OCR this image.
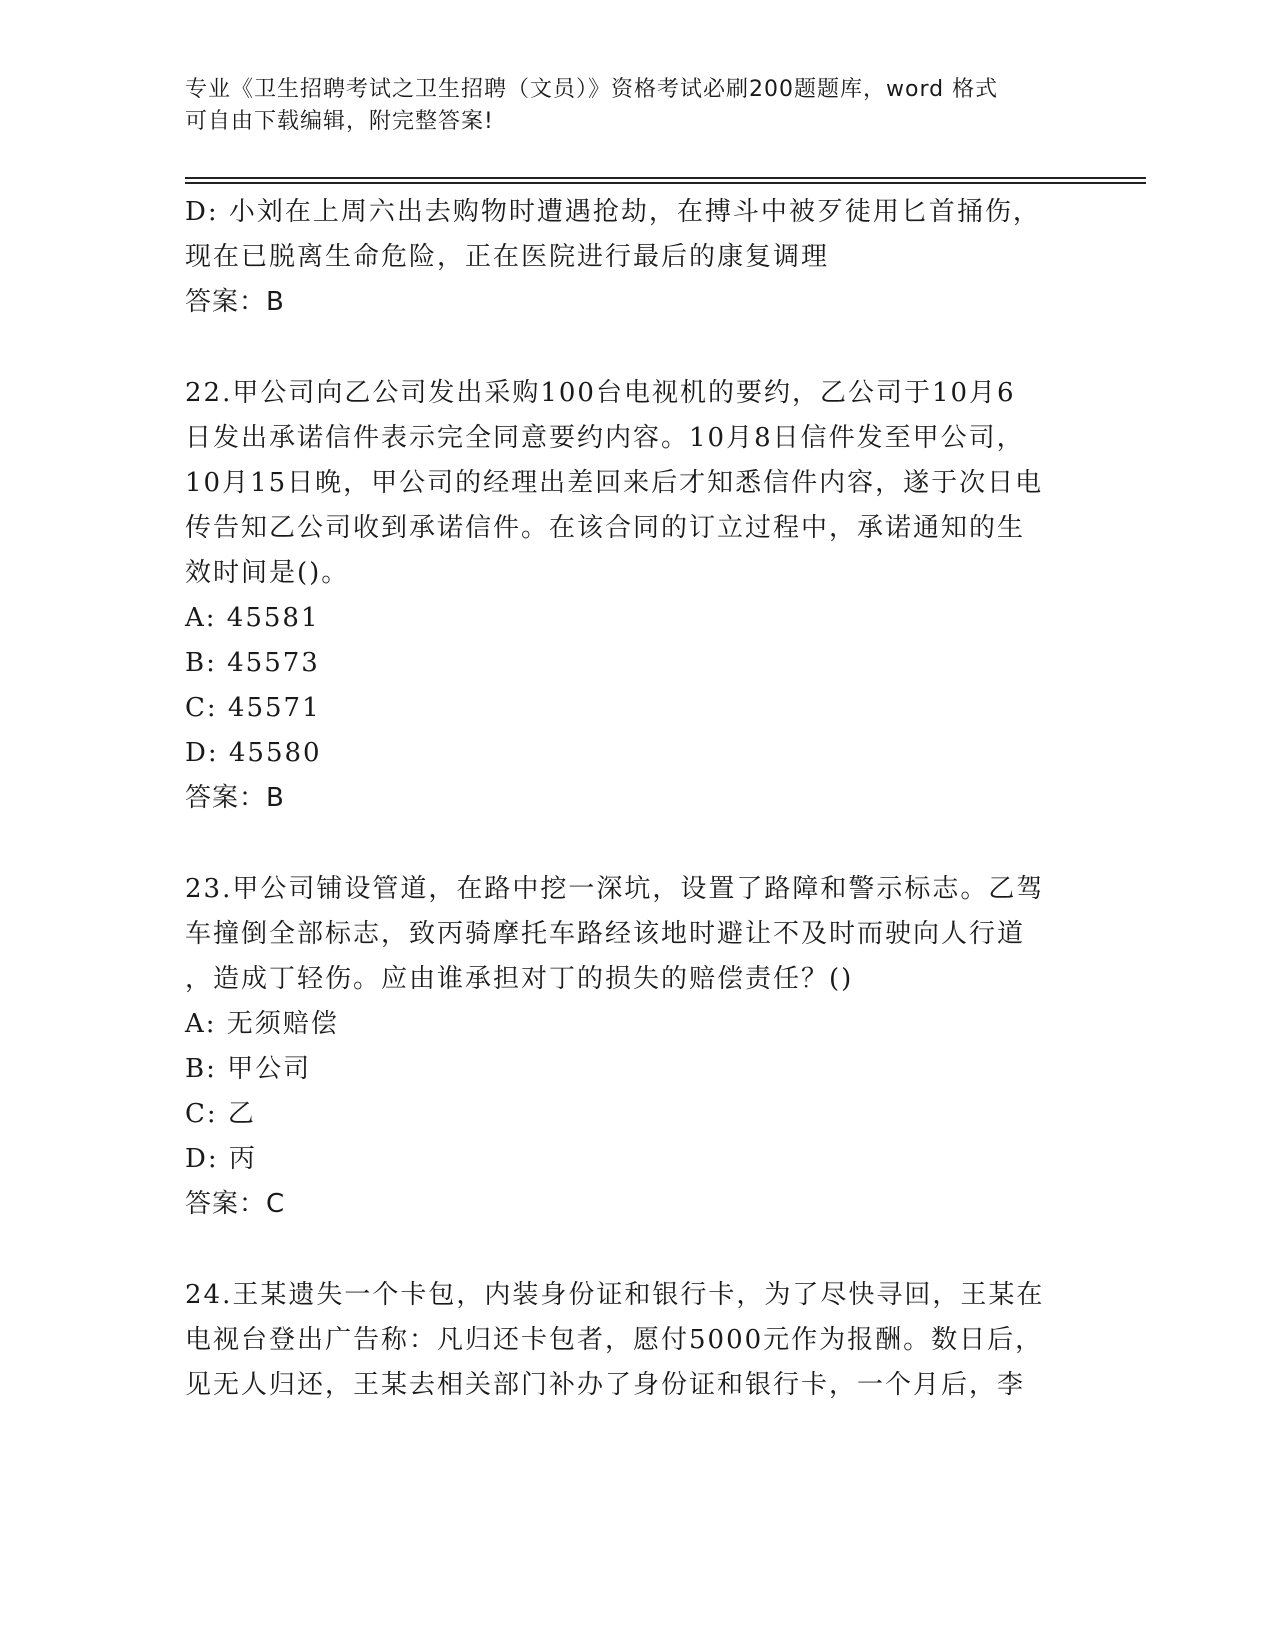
专业《卫生招聘考试之卫生招聘（文员）》资格考试必刷200题题库，word 格式
可自由下载编辑，附完整答案!
D: 小刘在上周六出去购物时遭遇抢劫，在搏斗中被歹徒用匕首捅伤，
现在已脱离生命危险，正在医院进行最后的康复调理
答案：B
22.甲公司向乙公司发出采购100台电视机的要约，乙公司于10月6
日发出承诺信件表示完全同意要约内容。10月8日信件发至甲公司，
10月15日晚，甲公司的经理出差回来后才知悉信件内容，遂于次日电
传告知乙公司收到承诺信件。在该合同的订立过程中，承诺通知的生
效时间是()。
A: 45581
B: 45573
C: 45571
D: 45580
答案：B
23.甲公司铺设管道，在路中挖一深坑，设置了路障和警示标志。乙驾
车撞倒全部标志，致丙骑摩托车路经该地时避让不及时而驶向人行道
，造成丁轻伤。应由谁承担对丁的损失的赔偿责任？()
A: 无须赔偿
B: 甲公司
C: 乙
D: 丙
答案：C
24.王某遗失一个卡包，内装身份证和银行卡，为了尽快寻回，王某在
电视台登出广告称：凡归还卡包者，愿付5000元作为报酬。数日后，
见无人归还，王某去相关部门补办了身份证和银行卡，一个月后，李
